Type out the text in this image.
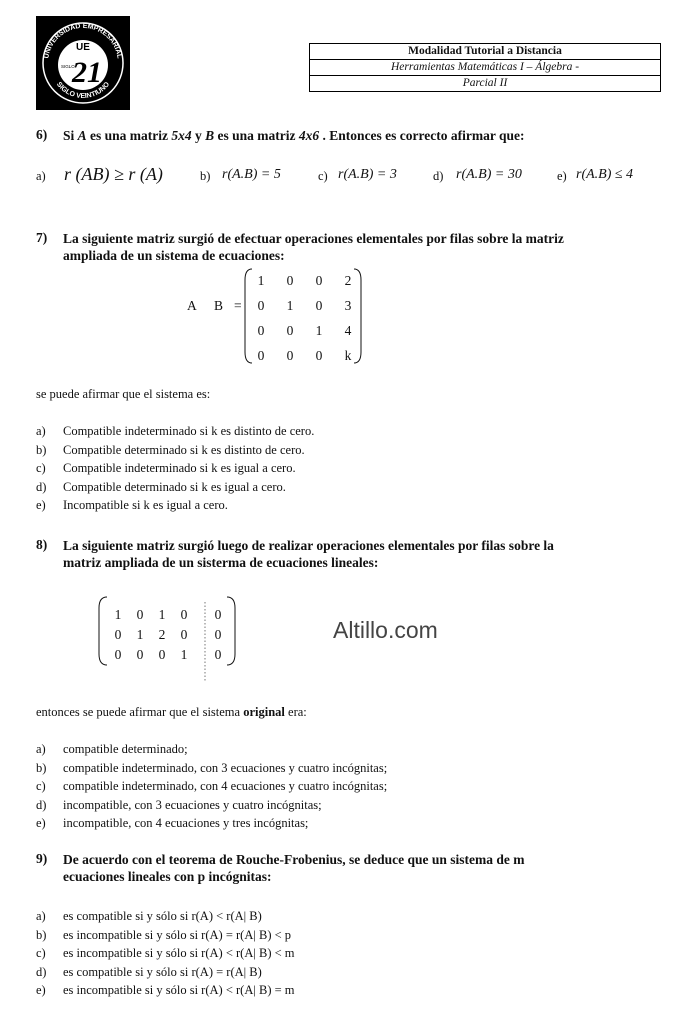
UNIVERSIDAD EMPRESARIAL
SIGLO VEINTIUNO
UE
SIGLO
21
Modalidad Tutorial a Distancia
Herramientas Matemáticas I – Álgebra -
Parcial II
6) Si A es una matriz 5x4 y B es una matriz 4x6 . Entonces es correcto afirmar que:
a) r (AB) ≥ r (A)	b) r(A.B) = 5	c) r(A.B) = 3	d) r(A.B) = 30	e) r(A.B) ≤ 4
7) La siguiente matriz surgió de efectuar operaciones elementales por filas sobre la matriz
ampliada de un sistema de ecuaciones:
A B =
1 0 0 2
0 1 0 3
0 0 1 4
0 0 0 k
se puede afirmar que el sistema es:
a) Compatible indeterminado si k es distinto de cero.
b) Compatible determinado si k es distinto de cero.
c) Compatible indeterminado si k es igual a cero.
d) Compatible determinado si k es igual a cero.
e) Incompatible si k es igual a cero.
8) La siguiente matriz surgió luego de realizar operaciones elementales por filas sobre la
matriz ampliada de un sisterma de ecuaciones lineales:
1 0 1 0 0
0 1 2 0 0
0 0 0 1 0
Altillo.com
entonces se puede afirmar que el sistema original era:
a) compatible determinado;
b) compatible indeterminado, con 3 ecuaciones y cuatro incógnitas;
c) compatible indeterminado, con 4 ecuaciones y cuatro incógnitas;
d) incompatible, con 3 ecuaciones y cuatro incógnitas;
e) incompatible, con 4 ecuaciones y tres incógnitas;
9) De acuerdo con el teorema de Rouche-Frobenius, se deduce que un sistema de m
ecuaciones lineales con p incógnitas:
a) es compatible si y sólo si r(A) < r(A| B)
b) es incompatible si y sólo si r(A) = r(A| B) < p
c) es incompatible si y sólo si r(A) < r(A| B) < m
d) es compatible si y sólo si r(A) = r(A| B)
e) es incompatible si y sólo si r(A) < r(A| B) = m
